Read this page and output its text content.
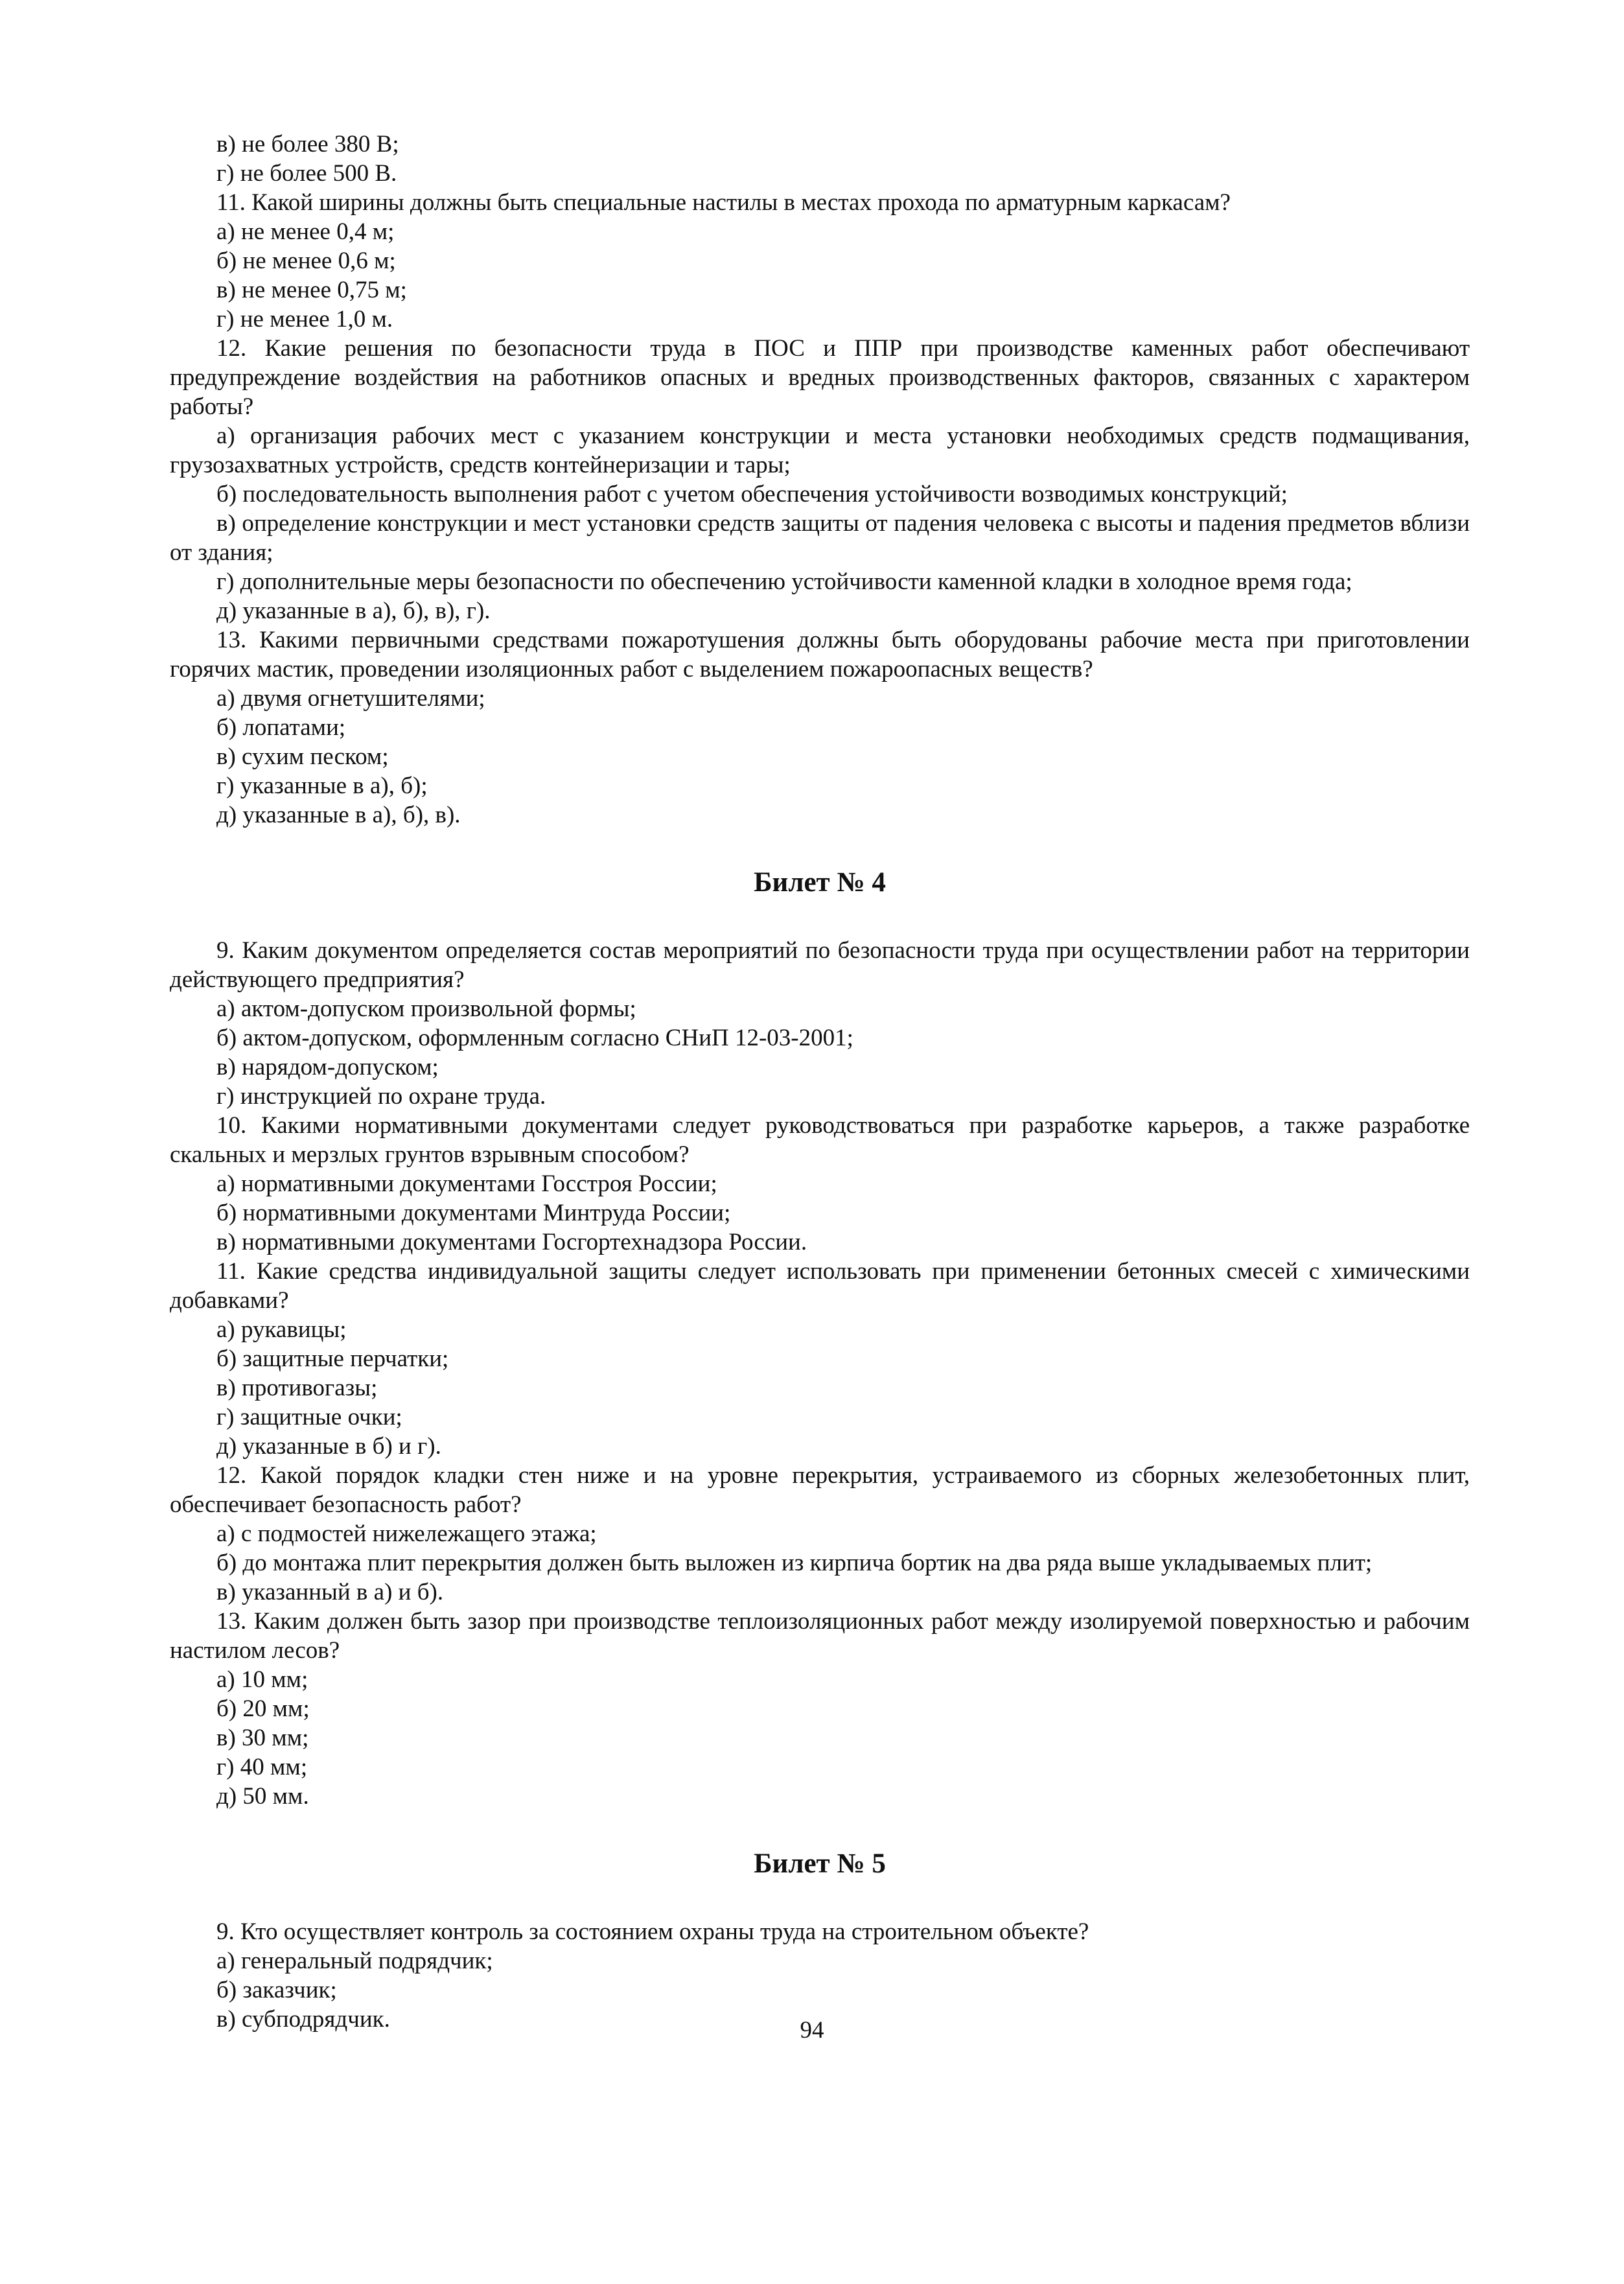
в) не более 380 В;
г) не более 500 В.
11. Какой ширины должны быть специальные настилы в местах прохода по арматурным каркасам?
а) не менее 0,4 м;
б) не менее 0,6 м;
в) не менее 0,75 м;
г) не менее 1,0 м.
12. Какие решения по безопасности труда в ПОС и ППР при производстве каменных работ обеспечивают предупреждение воздействия на работников опасных и вредных производственных факторов, связанных с характером работы?
а) организация рабочих мест с указанием конструкции и места установки необходимых средств подмащивания, грузозахватных устройств, средств контейнеризации и тары;
б) последовательность выполнения работ с учетом обеспечения устойчивости возводимых конструкций;
в) определение конструкции и мест установки средств защиты от падения человека с высоты и падения предметов вблизи от здания;
г) дополнительные меры безопасности по обеспечению устойчивости каменной кладки в холодное время года;
д) указанные в а), б), в), г).
13. Какими первичными средствами пожаротушения должны быть оборудованы рабочие места при приготовлении горячих мастик, проведении изоляционных работ с выделением пожароопасных веществ?
а) двумя огнетушителями;
б) лопатами;
в) сухим песком;
г) указанные в а), б);
д) указанные в а), б), в).
Билет № 4
9. Каким документом определяется состав мероприятий по безопасности труда при осуществлении работ на территории действующего предприятия?
а) актом-допуском произвольной формы;
б) актом-допуском, оформленным согласно СНиП 12-03-2001;
в) нарядом-допуском;
г) инструкцией по охране труда.
10. Какими нормативными документами следует руководствоваться при разработке карьеров, а также разработке скальных и мерзлых грунтов взрывным способом?
а) нормативными документами Госстроя России;
б) нормативными документами Минтруда России;
в) нормативными документами Госгортехнадзора России.
11. Какие средства индивидуальной защиты следует использовать при применении бетонных смесей с химическими добавками?
а) рукавицы;
б) защитные перчатки;
в) противогазы;
г) защитные очки;
д) указанные в б) и г).
12. Какой порядок кладки стен ниже и на уровне перекрытия, устраиваемого из сборных железобетонных плит, обеспечивает безопасность работ?
а) с подмостей нижележащего этажа;
б) до монтажа плит перекрытия должен быть выложен из кирпича бортик на два ряда выше укладываемых плит;
в) указанный в а) и б).
13. Каким должен быть зазор при производстве теплоизоляционных работ между изолируемой поверхностью и рабочим настилом лесов?
а) 10 мм;
б) 20 мм;
в) 30 мм;
г) 40 мм;
д) 50 мм.
Билет № 5
9. Кто осуществляет контроль за состоянием охраны труда на строительном объекте?
а) генеральный подрядчик;
б) заказчик;
в) субподрядчик.	94
